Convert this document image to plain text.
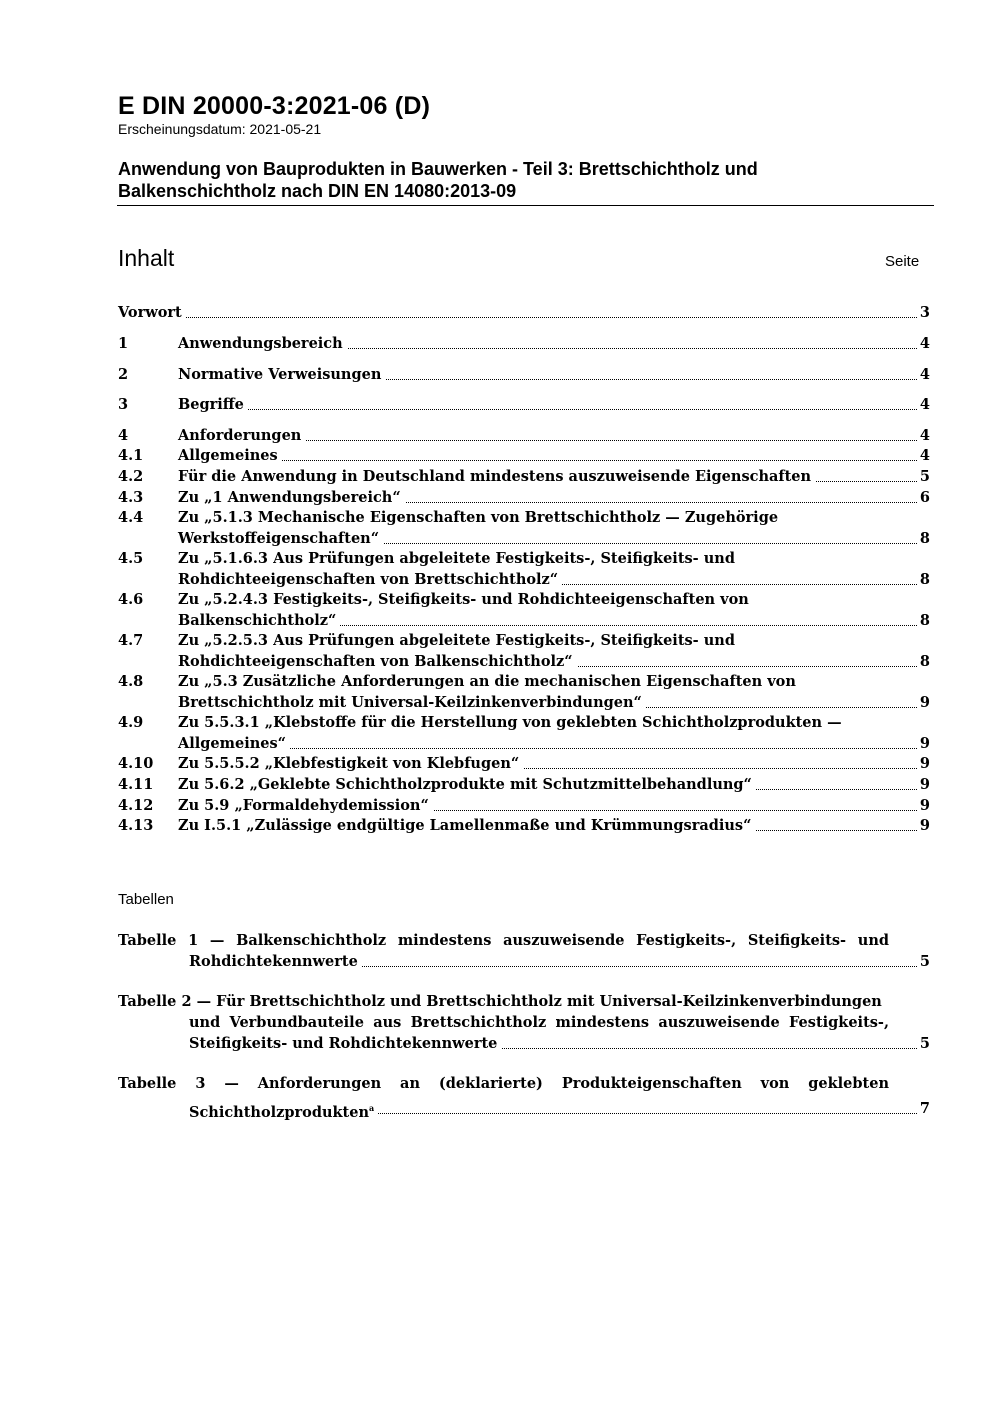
E DIN 20000-3:2021-06 (D)
Erscheinungsdatum: 2021-05-21
Anwendung von Bauprodukten in Bauwerken - Teil 3: Brettschichtholz und
Balkenschichtholz nach DIN EN 14080:2013-09
Inhalt	Seite
Vorwort	3
1	Anwendungsbereich	4
2	Normative Verweisungen	4
3	Begriffe	4
4	Anforderungen	4
4.1 Allgemeines	4
4.2 Für die Anwendung in Deutschland mindestens auszuweisende Eigenschaften	5
4.3 Zu „1 Anwendungsbereich“	6
4.4 Zu „5.1.3 Mechanische Eigenschaften von Brettschichtholz — Zugehörige
Werkstoffeigenschaften“	8
4.5 Zu „5.1.6.3 Aus Prüfungen abgeleitete Festigkeits-, Steifigkeits- und
Rohdichteeigenschaften von Brettschichtholz“	8
4.6 Zu „5.2.4.3 Festigkeits-, Steifigkeits- und Rohdichteeigenschaften von
Balkenschichtholz“	8
4.7 Zu „5.2.5.3 Aus Prüfungen abgeleitete Festigkeits-, Steifigkeits- und
Rohdichteeigenschaften von Balkenschichtholz“	8
4.8 Zu „5.3 Zusätzliche Anforderungen an die mechanischen Eigenschaften von
Brettschichtholz mit Universal-Keilzinkenverbindungen“	9
4.9 Zu 5.5.3.1 „Klebstoffe für die Herstellung von geklebten Schichtholzprodukten —
Allgemeines“	9
4.10 Zu 5.5.5.2 „Klebfestigkeit von Klebfugen“	9
4.11 Zu 5.6.2 „Geklebte Schichtholzprodukte mit Schutzmittelbehandlung“	9
4.12 Zu 5.9 „Formaldehydemission“	9
4.13 Zu I.5.1 „Zulässige endgültige Lamellenmaße und Krümmungsradius“	9
Tabellen
Tabelle 1 — Balkenschichtholz mindestens auszuweisende Festigkeits-, Steifigkeits- und
Rohdichtekennwerte	5
Tabelle 2 — Für Brettschichtholz und Brettschichtholz mit Universal-Keilzinkenverbindungen
und Verbundbauteile aus Brettschichtholz mindestens auszuweisende Festigkeits-,
Steifigkeits- und Rohdichtekennwerte	5
Tabelle 3 — Anforderungen an (deklarierte) Produkteigenschaften von geklebten
Schichtholzprodukten$^a$	7
